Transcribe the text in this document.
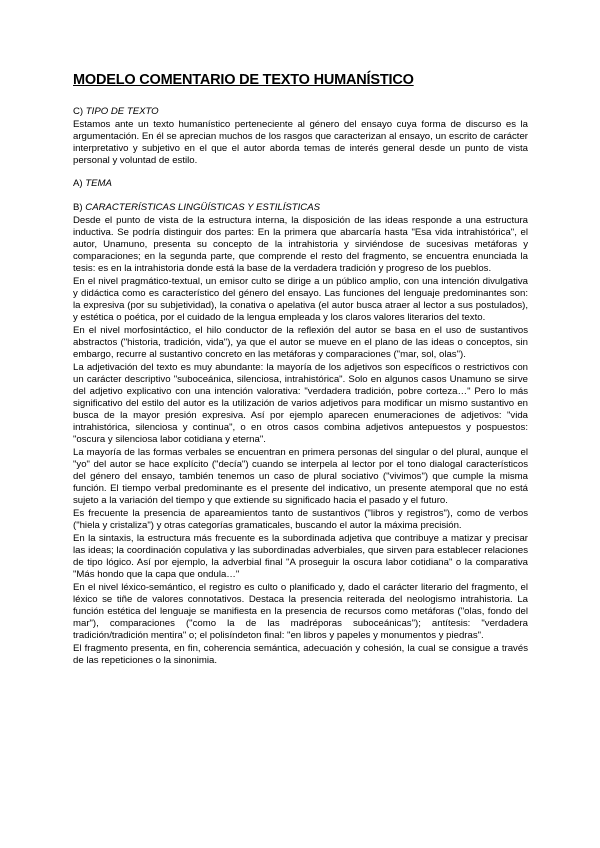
MODELO COMENTARIO DE TEXTO HUMANÍSTICO
C) TIPO DE TEXTO

Estamos ante un texto humanístico perteneciente al género del ensayo cuya forma de discurso es la argumentación. En él se aprecian muchos de los rasgos que caracterizan al ensayo, un escrito de carácter interpretativo y subjetivo en el que el autor aborda temas de interés general desde un punto de vista personal y voluntad de estilo.

A) TEMA
B) CARACTERÍSTICAS LINGÜÍSTICAS Y ESTILÍSTICAS

Desde el punto de vista de la estructura interna, la disposición de las ideas responde a una estructura inductiva. Se podría distinguir dos partes: En la primera que abarcaría hasta "Esa vida intrahistórica", el autor, Unamuno, presenta su concepto de la intrahistoria y sirviéndose de sucesivas metáforas y comparaciones; en la segunda parte, que comprende el resto del fragmento, se encuentra enunciada la tesis: es en la intrahistoria donde está la base de la verdadera tradición y progreso de los pueblos.

En el nivel pragmático-textual, un emisor culto se dirige a un público amplio, con una intención divulgativa y didáctica como es característico del género del ensayo. Las funciones del lenguaje predominantes son: la expresiva (por su subjetividad), la conativa o apelativa (el autor busca atraer al lector a sus postulados), y estética o poética, por el cuidado de la lengua empleada y los claros valores literarios del texto.

En el nivel morfosintáctico, el hilo conductor de la reflexión del autor se basa en el uso de sustantivos abstractos ("historia, tradición, vida"), ya que el autor se mueve en el plano de las ideas o conceptos, sin embargo, recurre al sustantivo concreto en las metáforas y comparaciones ("mar, sol, olas").

La adjetivación del texto es muy abundante: la mayoría de los adjetivos son específicos o restrictivos con un carácter descriptivo "suboceánica, silenciosa, intrahistórica". Solo en algunos casos Unamuno se sirve del adjetivo explicativo con una intención valorativa: "verdadera tradición, pobre corteza…" Pero lo más significativo del estilo del autor es la utilización de varios adjetivos para modificar un mismo sustantivo en busca de la mayor presión expresiva. Así por ejemplo aparecen enumeraciones de adjetivos: "vida intrahistórica, silenciosa y continua", o en otros casos combina adjetivos antepuestos y pospuestos: "oscura y silenciosa labor cotidiana y eterna".

La mayoría de las formas verbales se encuentran en primera personas del singular o del plural, aunque el "yo" del autor se hace explícito ("decía") cuando se interpela al lector por el tono dialogal característicos del género del ensayo, también tenemos un caso de plural sociativo ("vivimos") que cumple la misma función. El tiempo verbal predominante es el presente del indicativo, un presente atemporal que no está sujeto a la variación del tiempo y que extiende su significado hacia el pasado y el futuro.

Es frecuente la presencia de apareamientos tanto de sustantivos ("libros y registros"), como de verbos ("hiela y cristaliza") y otras categorías gramaticales, buscando el autor la máxima precisión.

En la sintaxis, la estructura más frecuente es la subordinada adjetiva que contribuye a matizar y precisar las ideas; la coordinación copulativa y las subordinadas adverbiales, que sirven para establecer relaciones de tipo lógico. Así por ejemplo, la adverbial final "A proseguir la oscura labor cotidiana" o la comparativa "Más hondo que la capa que ondula…"

En el nivel léxico-semántico, el registro es culto o planificado y, dado el carácter literario del fragmento, el léxico se tiñe de valores connotativos. Destaca la presencia reiterada del neologismo intrahistoria. La función estética del lenguaje se manifiesta en la presencia de recursos como metáforas ("olas, fondo del mar"), comparaciones ("como la de las madréporas suboceánicas"); antítesis: "verdadera tradición/tradición mentira" o; el polisíndeton final: "en libros y papeles y monumentos y piedras".

El fragmento presenta, en fin, coherencia semántica, adecuación y cohesión, la cual se consigue a través de las repeticiones o la sinonimia.
